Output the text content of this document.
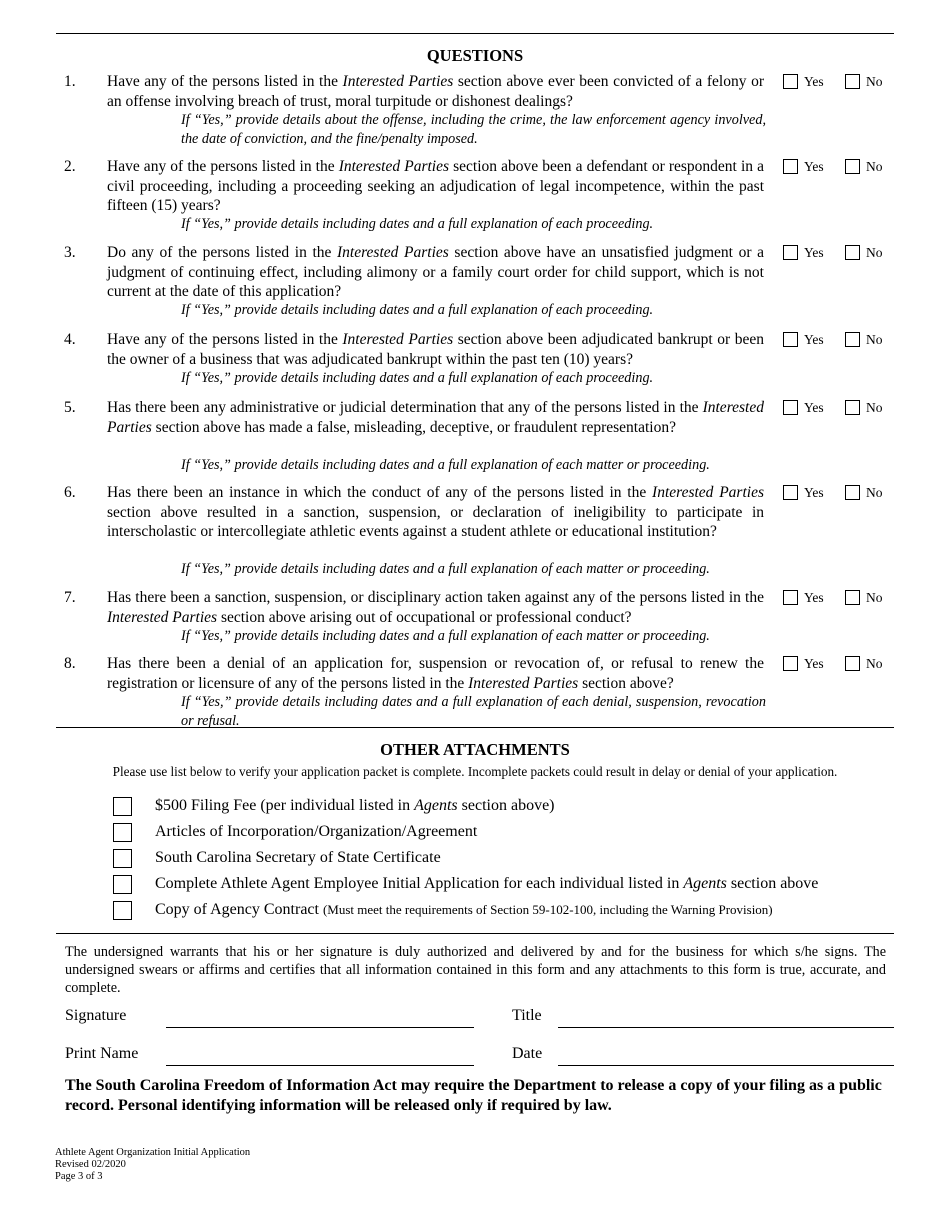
QUESTIONS
1. Have any of the persons listed in the Interested Parties section above ever been convicted of a felony or an offense involving breach of trust, moral turpitude or dishonest dealings?
If “Yes,” provide details about the offense, including the crime, the law enforcement agency involved, the date of conviction, and the fine/penalty imposed.
Yes	No
2. Have any of the persons listed in the Interested Parties section above been a defendant or respondent in a civil proceeding, including a proceeding seeking an adjudication of legal incompetence, within the past fifteen (15) years?
If “Yes,” provide details including dates and a full explanation of each proceeding.
Yes	No
3. Do any of the persons listed in the Interested Parties section above have an unsatisfied judgment or a judgment of continuing effect, including alimony or a family court order for child support, which is not current at the date of this application?
If “Yes,” provide details including dates and a full explanation of each proceeding.
Yes	No
4. Have any of the persons listed in the Interested Parties section above been adjudicated bankrupt or been the owner of a business that was adjudicated bankrupt within the past ten (10) years?
If “Yes,” provide details including dates and a full explanation of each proceeding.
Yes	No
5. Has there been any administrative or judicial determination that any of the persons listed in the Interested Parties section above has made a false, misleading, deceptive, or fraudulent representation?
If “Yes,” provide details including dates and a full explanation of each matter or proceeding.
Yes	No
6. Has there been an instance in which the conduct of any of the persons listed in the Interested Parties section above resulted in a sanction, suspension, or declaration of ineligibility to participate in interscholastic or intercollegiate athletic events against a student athlete or educational institution?
If “Yes,” provide details including dates and a full explanation of each matter or proceeding.
Yes	No
7. Has there been a sanction, suspension, or disciplinary action taken against any of the persons listed in the Interested Parties section above arising out of occupational or professional conduct?
If “Yes,” provide details including dates and a full explanation of each matter or proceeding.
Yes	No
8. Has there been a denial of an application for, suspension or revocation of, or refusal to renew the registration or licensure of any of the persons listed in the Interested Parties section above?
If “Yes,” provide details including dates and a full explanation of each denial, suspension, revocation or refusal.
Yes	No
OTHER ATTACHMENTS
Please use list below to verify your application packet is complete. Incomplete packets could result in delay or denial of your application.
$500 Filing Fee (per individual listed in Agents section above)
Articles of Incorporation/Organization/Agreement
South Carolina Secretary of State Certificate
Complete Athlete Agent Employee Initial Application for each individual listed in Agents section above
Copy of Agency Contract (Must meet the requirements of Section 59-102-100, including the Warning Provision)
The undersigned warrants that his or her signature is duly authorized and delivered by and for the business for which s/he signs. The undersigned swears or affirms and certifies that all information contained in this form and any attachments to this form is true, accurate, and complete.
Signature	Title
Print Name	Date
The South Carolina Freedom of Information Act may require the Department to release a copy of your filing as a public record. Personal identifying information will be released only if required by law.
Athlete Agent Organization Initial Application
Revised 02/2020
Page 3 of 3
